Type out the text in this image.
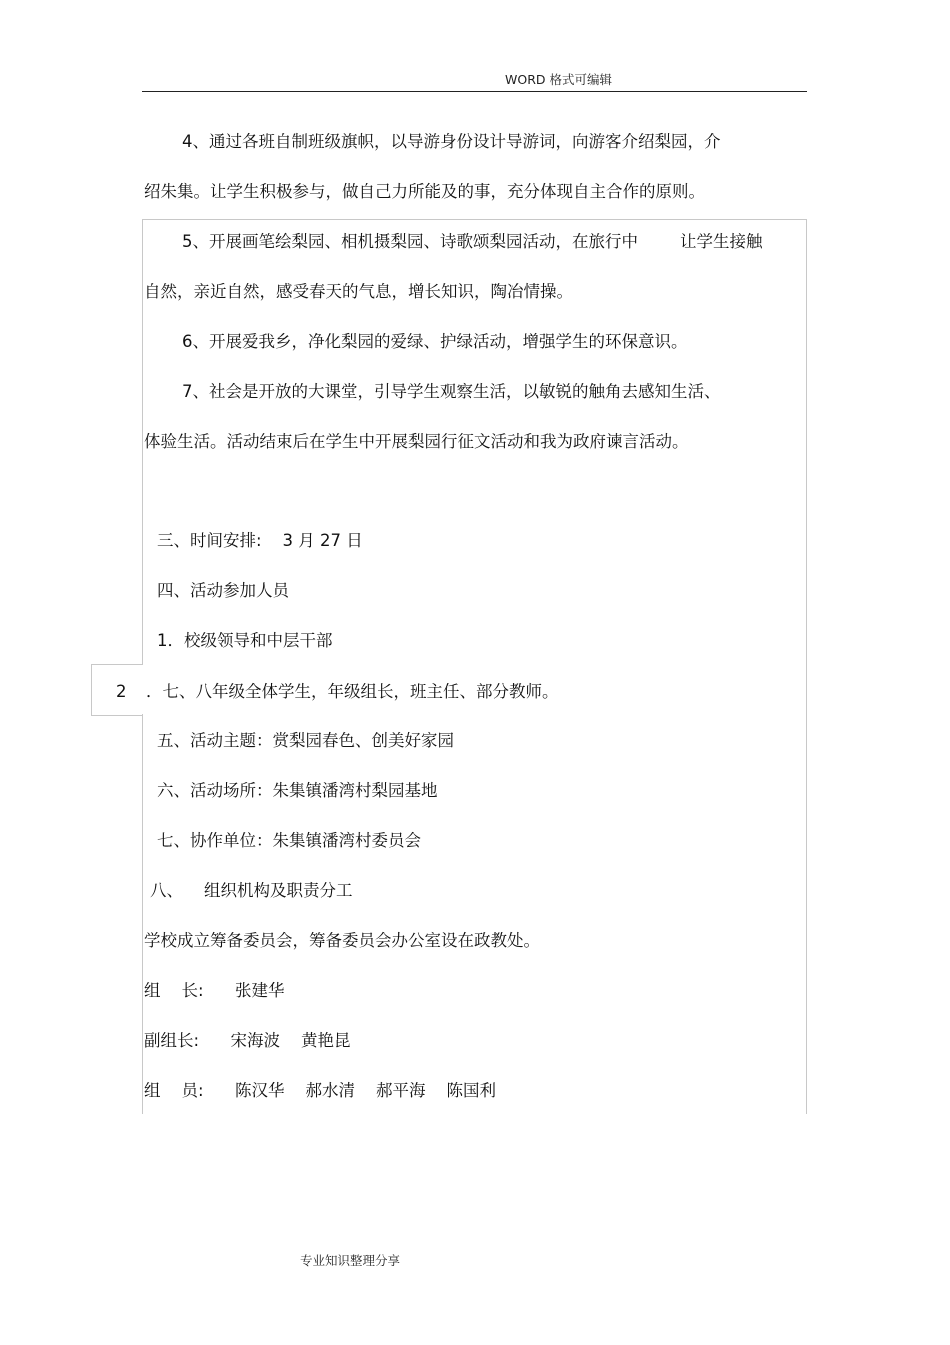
WORD 格式可编辑
4、通过各班自制班级旗帜，以导游身份设计导游词，向游客介绍梨园，介
绍朱集。让学生积极参与，做自己力所能及的事，充分体现自主合作的原则。
5、开展画笔绘梨园、相机摄梨园、诗歌颂梨园活动，在旅行中        让学生接触
自然，亲近自然，感受春天的气息，增长知识，陶冶情操。
6、开展爱我乡，净化梨园的爱绿、护绿活动，增强学生的环保意识。
7、社会是开放的大课堂，引导学生观察生活，以敏锐的触角去感知生活、
体验生活。活动结束后在学生中开展梨园行征文活动和我为政府谏言活动。
三、时间安排:    3 月 27 日
四、活动参加人员
1．校级领导和中层干部
2 ．七、八年级全体学生，年级组长，班主任、部分教师。
五、活动主题：赏梨园春色、创美好家园
六、活动场所：朱集镇潘湾村梨园基地
七、协作单位：朱集镇潘湾村委员会
八、    组织机构及职责分工
学校成立筹备委员会，筹备委员会办公室设在政教处。
组    长:      张建华
副组长:      宋海波    黄艳昆
组    员:      陈汉华    郝水清    郝平海    陈国利
专业知识整理分享
